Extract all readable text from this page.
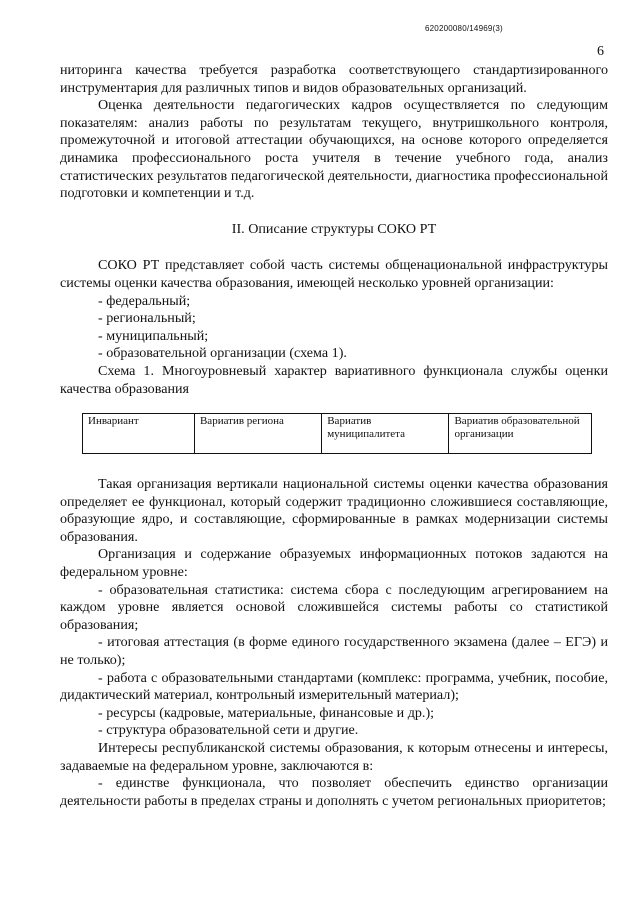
620200080/14969(3)
6

ниторинга качества требуется разработка соответствующего стандартизированного инструментария для различных типов и видов образовательных организаций.

Оценка деятельности педагогических кадров осуществляется по следующим показателям: анализ работы по результатам текущего, внутришкольного контроля, промежуточной и итоговой аттестации обучающихся, на основе которого определяется динамика профессионального роста учителя в течение учебного года, анализ статистических результатов педагогической деятельности, диагностика профессиональной подготовки и компетенции и т.д.

II. Описание структуры СОКО РТ

СОКО РТ представляет собой часть системы общенациональной инфраструктуры системы оценки качества образования, имеющей несколько уровней организации:

- федеральный;

- региональный;

- муниципальный;

- образовательной организации (схема 1).

Схема 1. Многоуровневый характер вариативного функционала службы оценки качества образования

Инвариант	Вариатив региона	Вариатив муниципалитета	Вариатив образовательной организации

Такая организация вертикали национальной системы оценки качества образования определяет ее функционал, который содержит традиционно сложившиеся составляющие, образующие ядро, и составляющие, сформированные в рамках модернизации системы образования.

Организация и содержание образуемых информационных потоков задаются на федеральном уровне:

- образовательная статистика: система сбора с последующим агрегированием на каждом уровне является основой сложившейся системы работы со статистикой образования;

- итоговая аттестация (в форме единого государственного экзамена (далее – ЕГЭ) и не только);

- работа с образовательными стандартами (комплекс: программа, учебник, пособие, дидактический материал, контрольный измерительный материал);

- ресурсы (кадровые, материальные, финансовые и др.);

- структура образовательной сети и другие.

Интересы республиканской системы образования, к которым отнесены и интересы, задаваемые на федеральном уровне, заключаются в:

- единстве функционала, что позволяет обеспечить единство организации деятельности работы в пределах страны и дополнять с учетом региональных приоритетов;
